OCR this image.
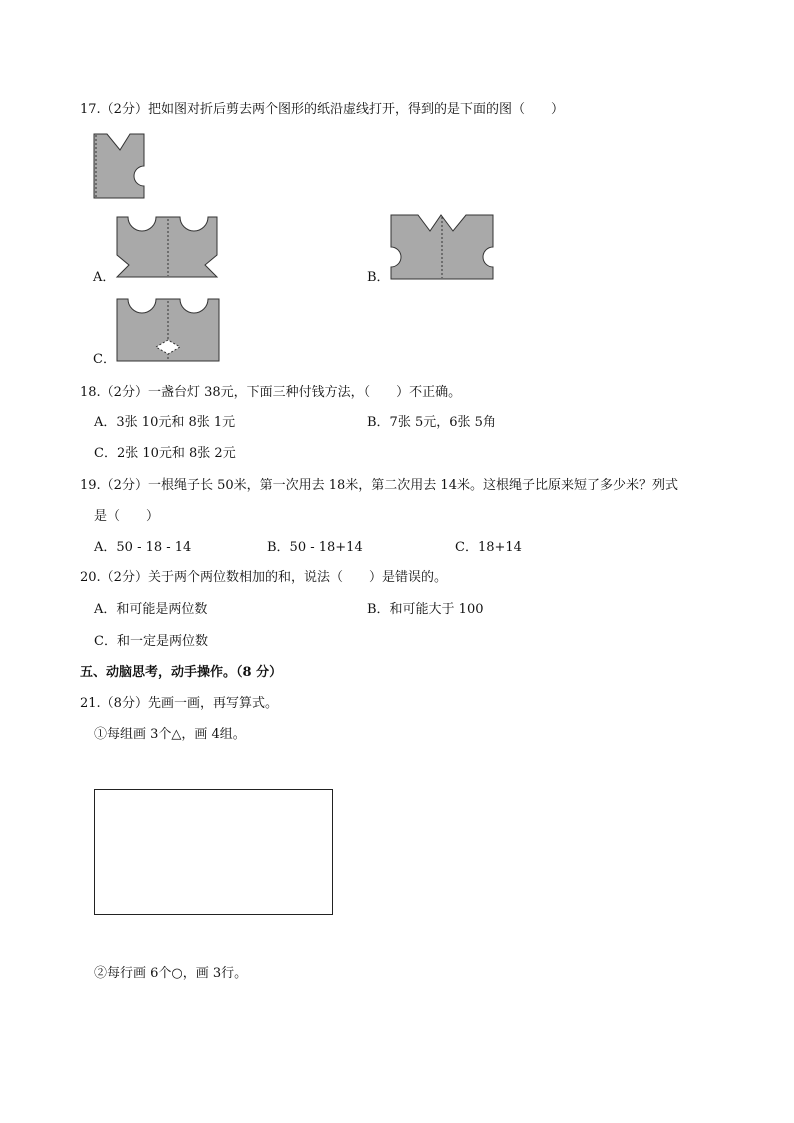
17.（2分）把如图对折后剪去两个图形的纸沿虚线打开，得到的是下面的图（　　）
A．	B．
C．
18.（2分）一盏台灯 38元，下面三种付钱方法，（　　）不正确。
A．3张 10元和 8张 1元	B．7张 5元，6张 5角
C．2张 10元和 8张 2元
19.（2分）一根绳子长 50米，第一次用去 18米，第二次用去 14米。这根绳子比原来短了多少米？列式
是（　　）
A．50 - 18 - 14	B．50 - 18+14	C．18+14
20.（2分）关于两个两位数相加的和，说法（　　）是错误的。
A．和可能是两位数	B．和可能大于 100
C．和一定是两位数
五、动脑思考，动手操作。（8 分）
21.（8分）先画一画，再写算式。
①每组画 3个△，画 4组。
②每行画 6个○，画 3行。
